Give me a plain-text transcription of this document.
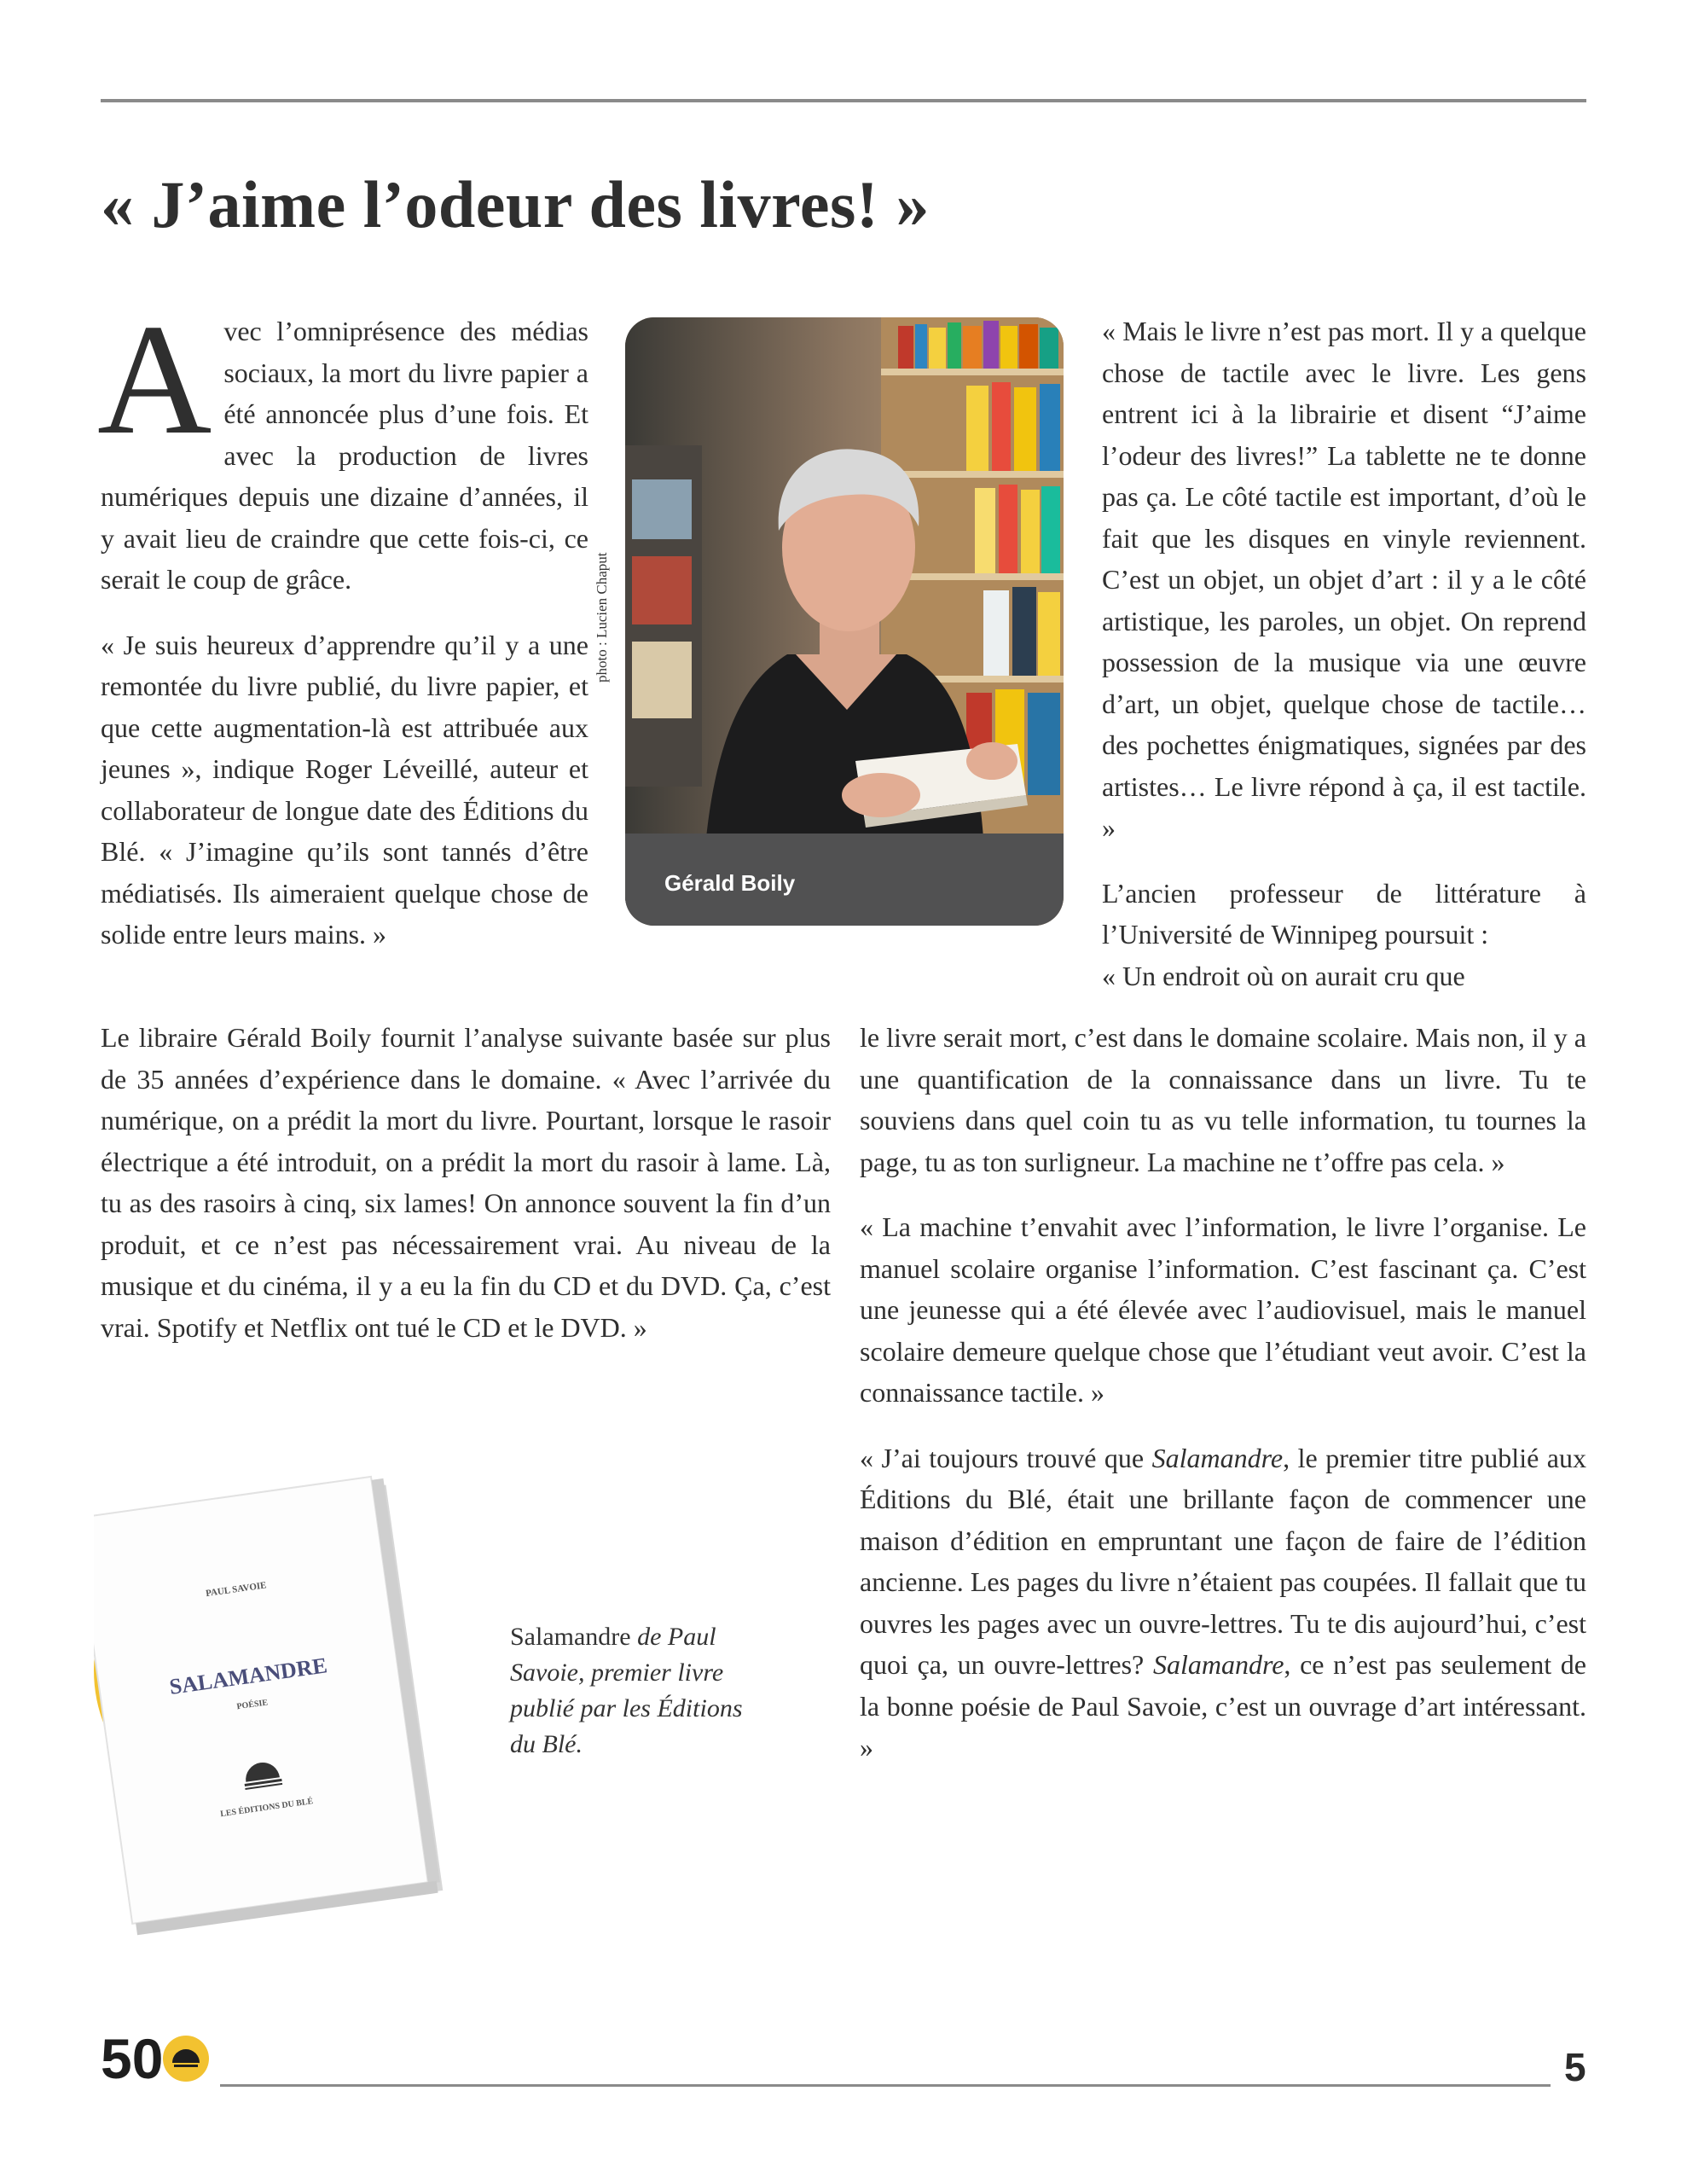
« J’aime l’odeur des livres! »

Avec l’omniprésence des médias sociaux, la mort du livre papier a été annoncée plus d’une fois. Et avec la production de livres numériques depuis une dizaine d’années, il y avait lieu de craindre que cette fois-ci, ce serait le coup de grâce.

« Je suis heureux d’apprendre qu’il y a une remontée du livre publié, du livre papier, et que cette augmentation-là est attribuée aux jeunes », indique Roger Léveillé, auteur et collaborateur de longue date des Éditions du Blé. « J’imagine qu’ils sont tannés d’être médiatisés. Ils aimeraient quelque chose de solide entre leurs mains. »

Gérald Boily
photo : Lucien Chaput

« Mais le livre n’est pas mort. Il y a quelque chose de tactile avec le livre. Les gens entrent ici à la librairie et disent “J’aime l’odeur des livres!” La tablette ne te donne pas ça. Le côté tactile est important, d’où le fait que les disques en vinyle reviennent. C’est un objet, un objet d’art : il y a le côté artistique, les paroles, un objet. On reprend possession de la musique via une œuvre d’art, un objet, quelque chose de tactile… des pochettes énigmatiques, signées par des artistes… Le livre répond à ça, il est tactile. »

L’ancien professeur de littérature à l’Université de Winnipeg poursuit :

« Un endroit où on aurait cru que

Le libraire Gérald Boily fournit l’analyse suivante basée sur plus de 35 années d’expérience dans le domaine. « Avec l’arrivée du numérique, on a prédit la mort du livre. Pourtant, lorsque le rasoir électrique a été introduit, on a prédit la mort du rasoir à lame. Là, tu as des rasoirs à cinq, six lames! On annonce souvent la fin d’un produit, et ce n’est pas nécessairement vrai. Au niveau de la musique et du cinéma, il y a eu la fin du CD et du DVD. Ça, c’est vrai. Spotify et Netflix ont tué le CD et le DVD. »

le livre serait mort, c’est dans le domaine scolaire. Mais non, il y a une quantification de la connaissance dans un livre. Tu te souviens dans quel coin tu as vu telle information, tu tournes la page, tu as ton surligneur. La machine ne t’offre pas cela. »

« La machine t’envahit avec l’information, le livre l’organise. Le manuel scolaire organise l’information. C’est fascinant ça. C’est une jeunesse qui a été élevée avec l’audiovisuel, mais le manuel scolaire demeure quelque chose que l’étudiant veut avoir. C’est la connaissance tactile. »

« J’ai toujours trouvé que Salamandre, le premier titre publié aux Éditions du Blé, était une brillante façon de commencer une maison d’édition en empruntant une façon de faire de l’édition ancienne. Les pages du livre n’étaient pas coupées. Il fallait que tu ouvres les pages avec un ouvre-lettres. Tu te dis aujourd’hui, c’est quoi ça, un ouvre-lettres? Salamandre, ce n’est pas seulement de la bonne poésie de Paul Savoie, c’est un ouvrage d’art intéressant. »

PAUL SAVOIE
SALAMANDRE
POÉSIE
LES ÉDITIONS DU BLÉ
Salamandre de Paul Savoie, premier livre publié par les Éditions du Blé.
50	5
